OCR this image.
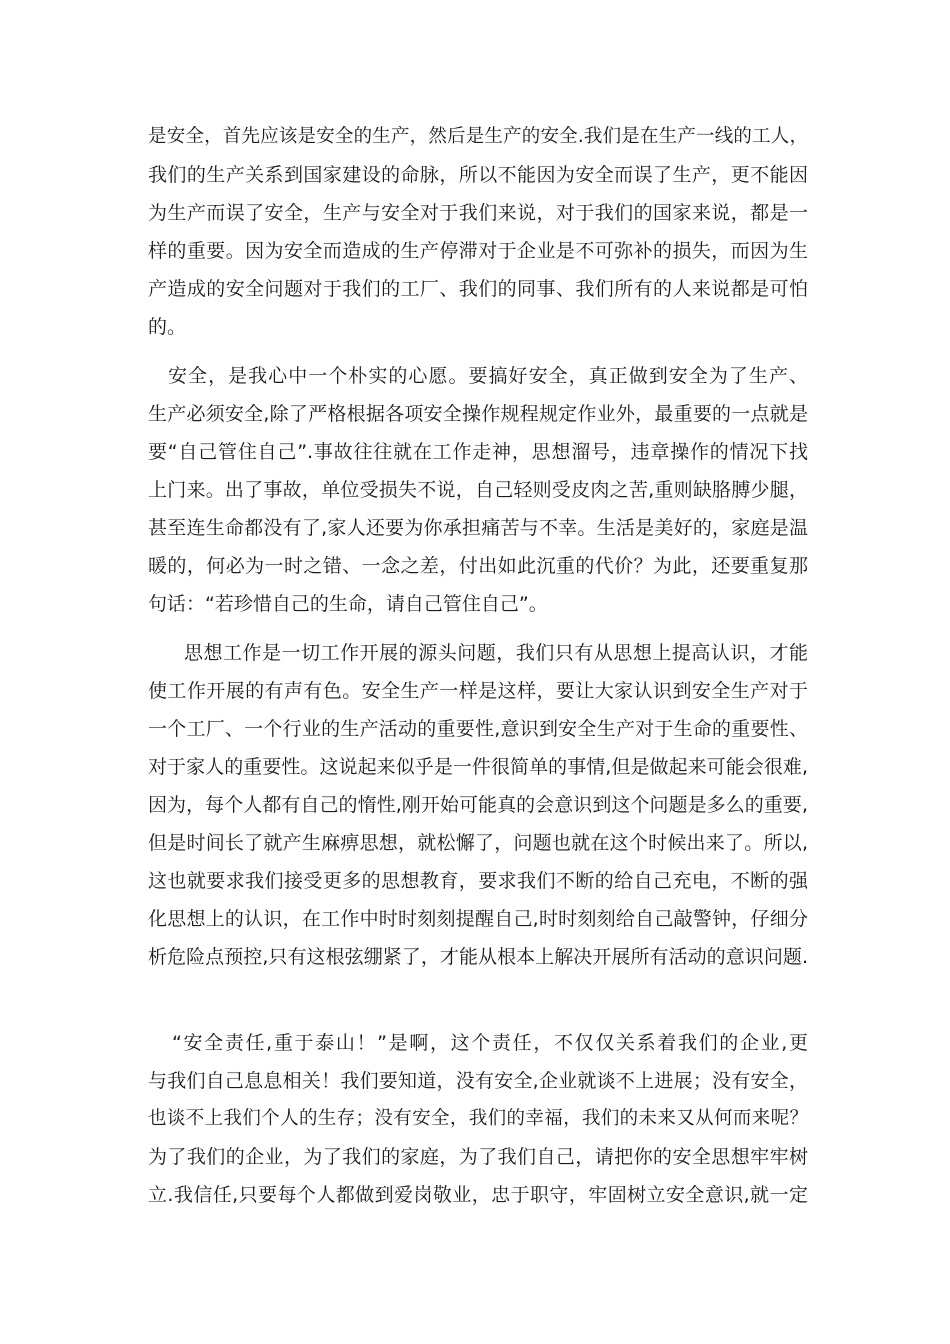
是安全，首先应该是安全的生产，然后是生产的安全.我们是在生产一线的工人，
我们的生产关系到国家建设的命脉，所以不能因为安全而误了生产，更不能因
为生产而误了安全，生产与安全对于我们来说，对于我们的国家来说，都是一
样的重要。因为安全而造成的生产停滞对于企业是不可弥补的损失，而因为生
产造成的安全问题对于我们的工厂、我们的同事、我们所有的人来说都是可怕
的。
　安全，是我心中一个朴实的心愿。要搞好安全，真正做到安全为了生产、
生产必须安全,除了严格根据各项安全操作规程规定作业外，最重要的一点就是
要“自己管住自己”.事故往往就在工作走神，思想溜号，违章操作的情况下找
上门来。出了事故，单位受损失不说，自己轻则受皮肉之苦,重则缺胳膊少腿，
甚至连生命都没有了,家人还要为你承担痛苦与不幸。生活是美好的，家庭是温
暖的，何必为一时之错、一念之差，付出如此沉重的代价？为此，还要重复那
句话：“若珍惜自己的生命，请自己管住自己”。
思想工作是一切工作开展的源头问题，我们只有从思想上提高认识，才能
使工作开展的有声有色。安全生产一样是这样，要让大家认识到安全生产对于
一个工厂、一个行业的生产活动的重要性,意识到安全生产对于生命的重要性、
对于家人的重要性。这说起来似乎是一件很简单的事情,但是做起来可能会很难,
因为，每个人都有自己的惰性,刚开始可能真的会意识到这个问题是多么的重要,
但是时间长了就产生麻痹思想，就松懈了，问题也就在这个时候出来了。所以,
这也就要求我们接受更多的思想教育，要求我们不断的给自己充电，不断的强
化思想上的认识，在工作中时时刻刻提醒自己,时时刻刻给自己敲警钟，仔细分
析危险点预控,只有这根弦绷紧了，才能从根本上解决开展所有活动的意识问题.
“安全责任,重于泰山！”是啊，这个责任，不仅仅关系着我们的企业,更
与我们自己息息相关！我们要知道，没有安全,企业就谈不上进展；没有安全，
也谈不上我们个人的生存；没有安全，我们的幸福，我们的未来又从何而来呢？
为了我们的企业，为了我们的家庭，为了我们自己，请把你的安全思想牢牢树
立.我信任,只要每个人都做到爱岗敬业，忠于职守，牢固树立安全意识,就一定
